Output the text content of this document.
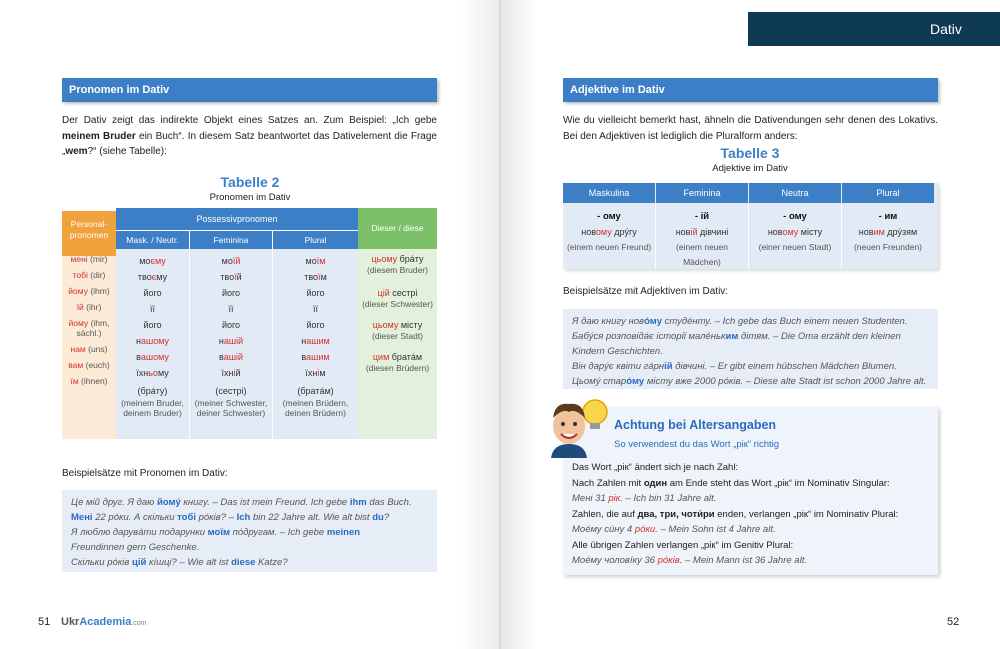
Pronomen im Dativ
Der Dativ zeigt das indirekte Objekt eines Satzes an. Zum Beispiel: „Ich gebe meinem Bruder ein Buch“. In diesem Satz beantwortet das Dativelement die Frage „wem?“ (siehe Tabelle):
Tabelle 2
Pronomen im Dativ
Personal-
pronomen
Possessivpronomen
Mask. / Neutr.	Feminina	Plural
Dieser / diese
мені (mir)
тобі (dir)
йому (ihm)
їй (ihr)
йому (ihm,
sächl.)
нам (uns)
вам (euch)
їм (ihnen)
моєму
твоєму
його
її
його
нашому
вашому
їхньому
моїй
твоїй
його
її
його
нашій
вашій
їхній
моїм
твоїм
його
її
його
нашим
вашим
їхнім
(брáту)
(meinem Bruder,
deinem Bruder)
(сестрі)
(meiner Schwester,
deiner Schwester)
(братáм)
(meinen Brüdern,
deinen Brüdern)
цьому брáту
(diesem Bruder)
цій сестрі
(dieser Schwester)
цьому місту
(dieser Stadt)
цим братáм
(diesen Brüdern)
Beispielsätze mit Pronomen im Dativ:
Це мій друг. Я даю йомý книгу. – Das ist mein Freund. Ich gebe ihm das Buch.
Мені 22 рóки. А скільки тобі рóків? – Ich bin 22 Jahre alt. Wie alt bist du?
Я люблю дарувáти подарунки моїм пóдругам. – Ich gebe meinen
Freundinnen gern Geschenke.
Скільки рóків цій кíшці? – Wie alt ist diese Katze?
51 UkrAcademia.com
Dativ
Adjektive im Dativ
Wie du vielleicht bemerkt hast, ähneln die Dativendungen sehr denen des Lokativs. Bei den Adjektiven ist lediglich die Pluralform anders:
Tabelle 3
Adjektive im Dativ
Maskulina
- ому
новому дрýгу
(einem neuen Freund)
Feminina
- ій
новій дівчині
(einem neuen Mädchen)
Neutra
- ому
новому місту
(einer neuen Stadt)
Plural
- им
новим дрýзям
(neuen Freunden)
Beispielsätze mit Adjektiven im Dativ:
Я даю книгу новóму студéнту. – Ich gebe das Buch einem neuen Studenten.
Бабýся розповідáє історії малéньким дітям. – Die Oma erzählt den kleinen
Kindern Geschichten.
Він дарýє квіти гáрній дівчині. – Er gibt einem hübschen Mädchen Blumen.
Цьомý старóму місту вже 2000 рóків. – Diese alte Stadt ist schon 2000 Jahre alt.
Achtung bei Altersangaben
So verwendest du das Wort „рік“ richtig
Das Wort „рік“ ändert sich je nach Zahl:
Nach Zahlen mit один am Ende steht das Wort „рік“ im Nominativ Singular:
Мені 31 рік. – Ich bin 31 Jahre alt.
Zahlen, die auf два, три, чоти́ри enden, verlangen „рік“ im Nominativ Plural:
Моéму сúну 4 рóки. – Mein Sohn ist 4 Jahre alt.
Alle übrigen Zahlen verlangen „рік“ im Genitiv Plural:
Моéму чоловíку 36 рóків. – Mein Mann ist 36 Jahre alt.
52
